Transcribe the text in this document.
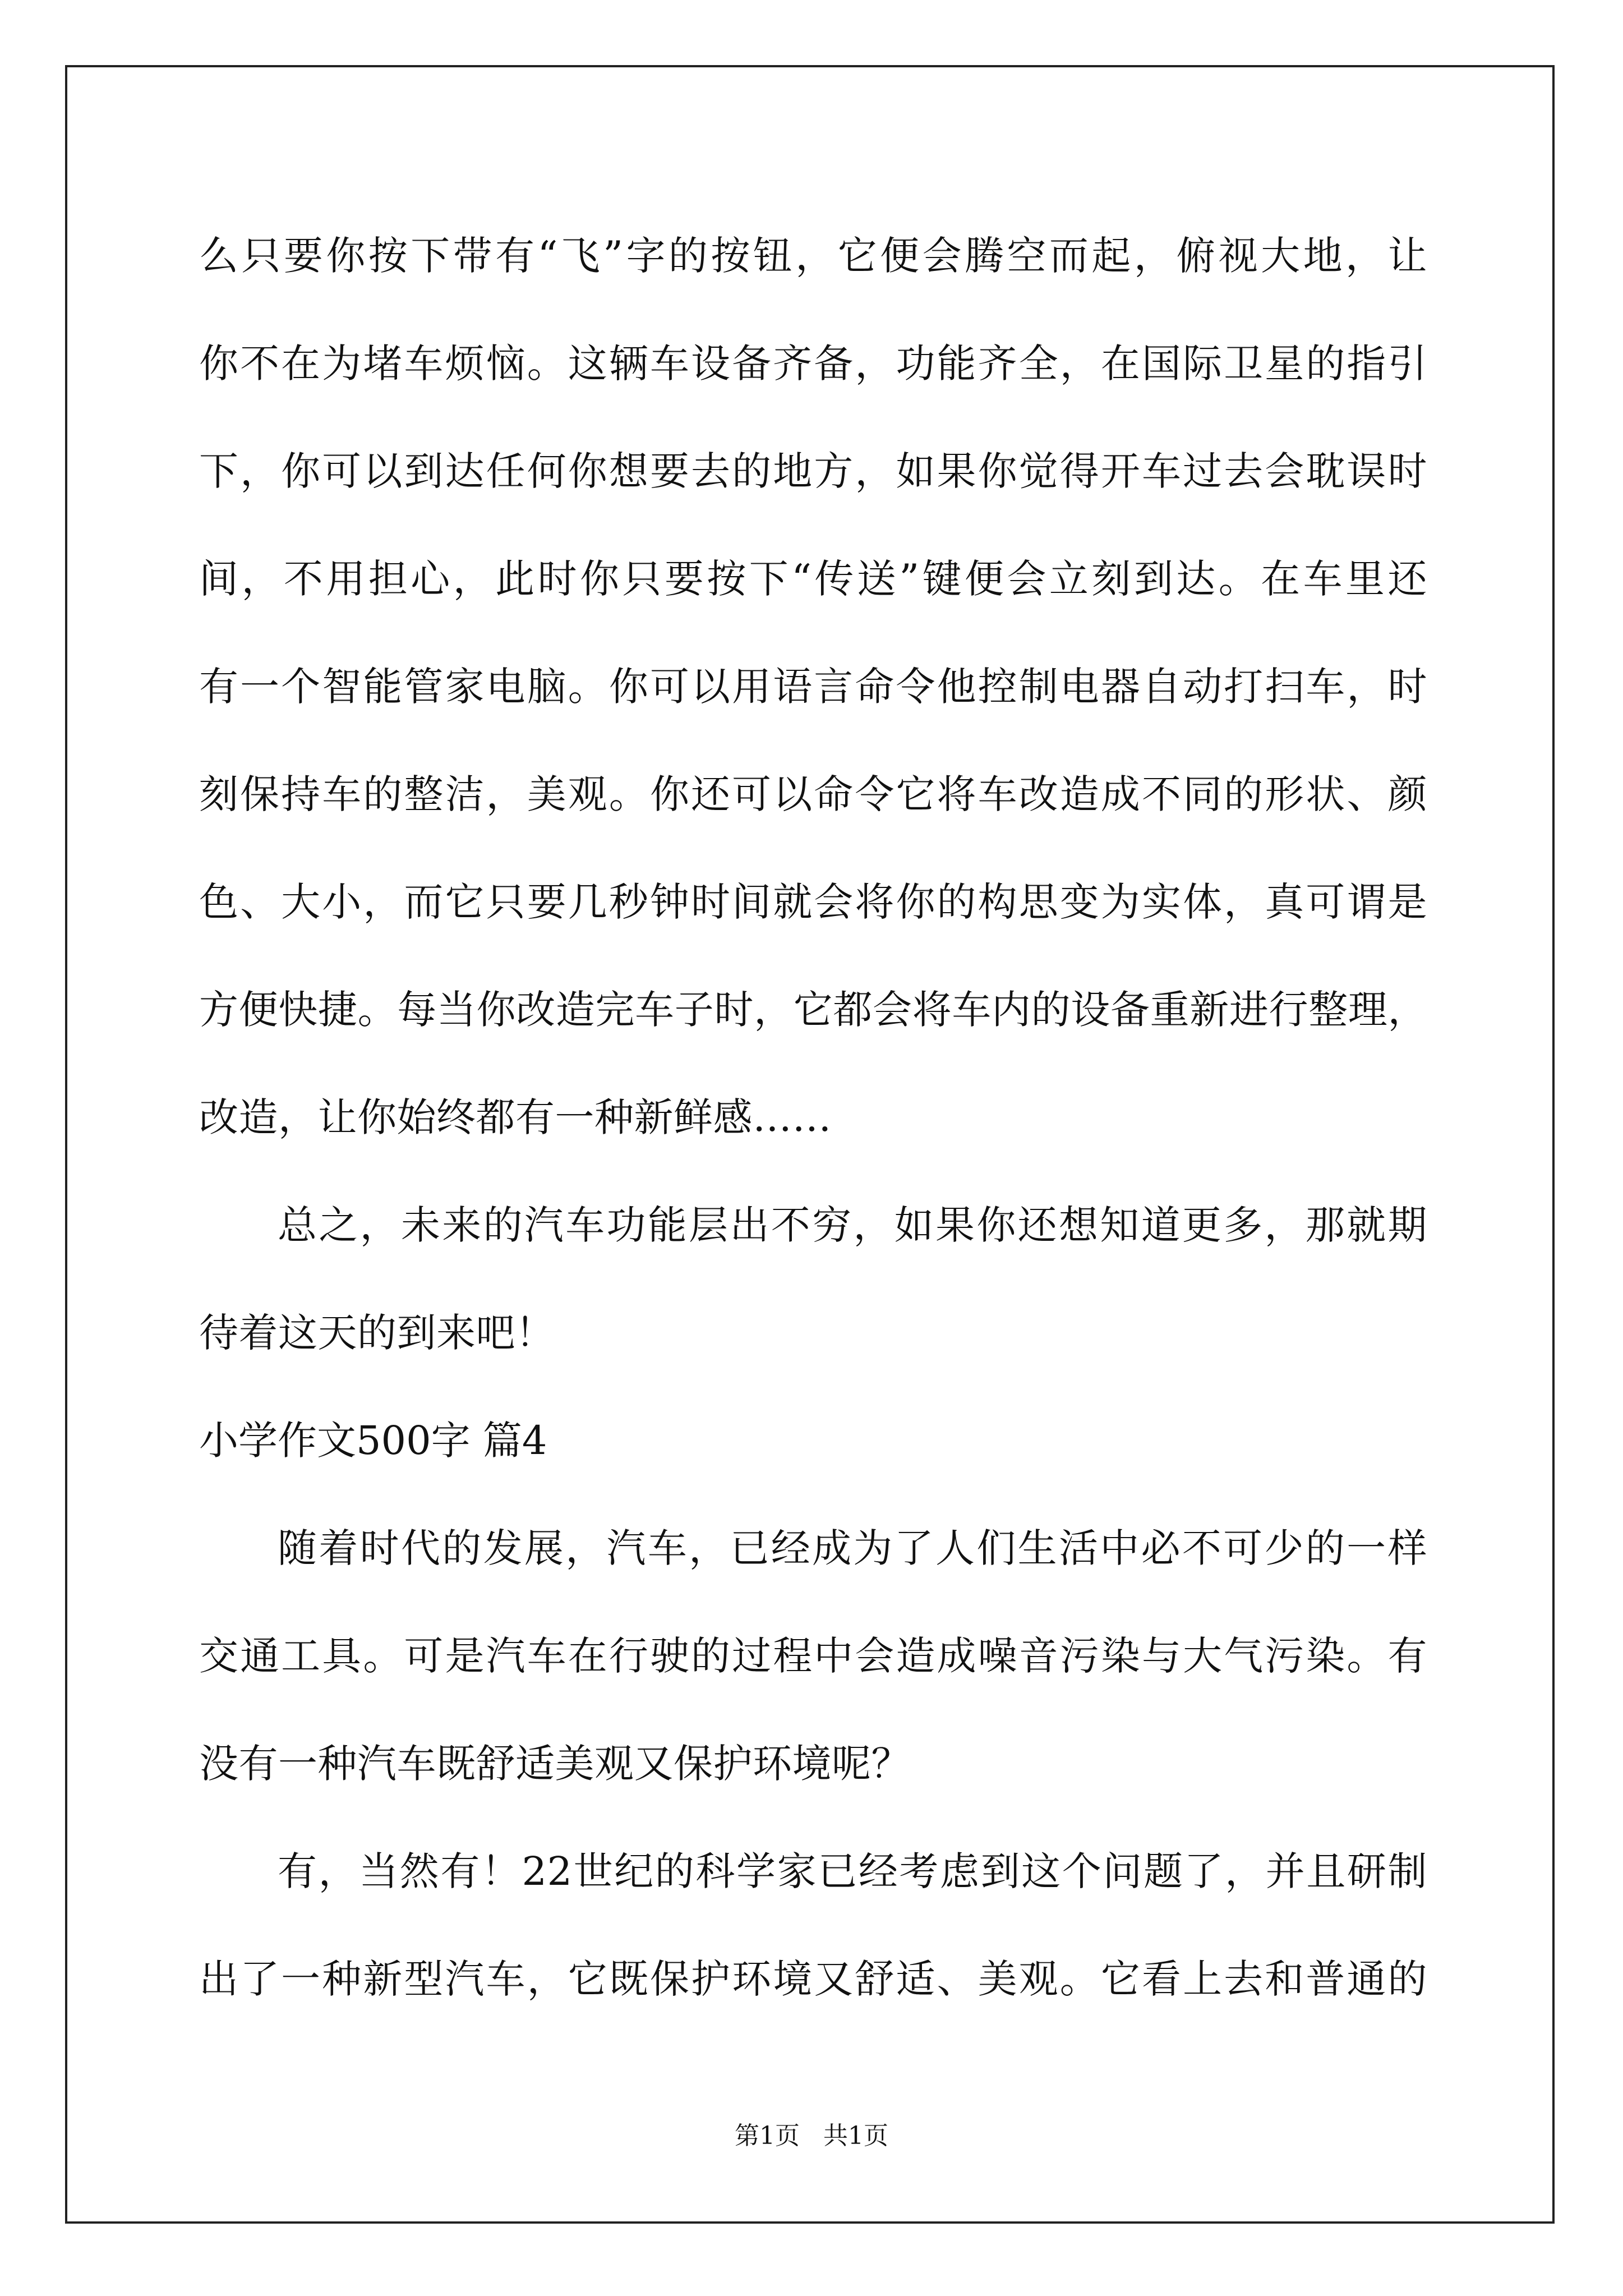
么只要你按下带有“飞”字的按钮，它便会腾空而起，俯视大地，让
你不在为堵车烦恼。这辆车设备齐备，功能齐全，在国际卫星的指引
下，你可以到达任何你想要去的地方，如果你觉得开车过去会耽误时
间，不用担心，此时你只要按下“传送”键便会立刻到达。在车里还
有一个智能管家电脑。你可以用语言命令他控制电器自动打扫车，时
刻保持车的整洁，美观。你还可以命令它将车改造成不同的形状、颜
色、大小，而它只要几秒钟时间就会将你的构思变为实体，真可谓是
方便快捷。每当你改造完车子时，它都会将车内的设备重新进行整理，
改造，让你始终都有一种新鲜感……
总之，未来的汽车功能层出不穷，如果你还想知道更多，那就期
待着这天的到来吧！
小学作文500字 篇4
随着时代的发展，汽车，已经成为了人们生活中必不可少的一样
交通工具。可是汽车在行驶的过程中会造成噪音污染与大气污染。有
没有一种汽车既舒适美观又保护环境呢？
有，当然有！22世纪的科学家已经考虑到这个问题了，并且研制
出了一种新型汽车，它既保护环境又舒适、美观。它看上去和普通的
第1页   共1页
